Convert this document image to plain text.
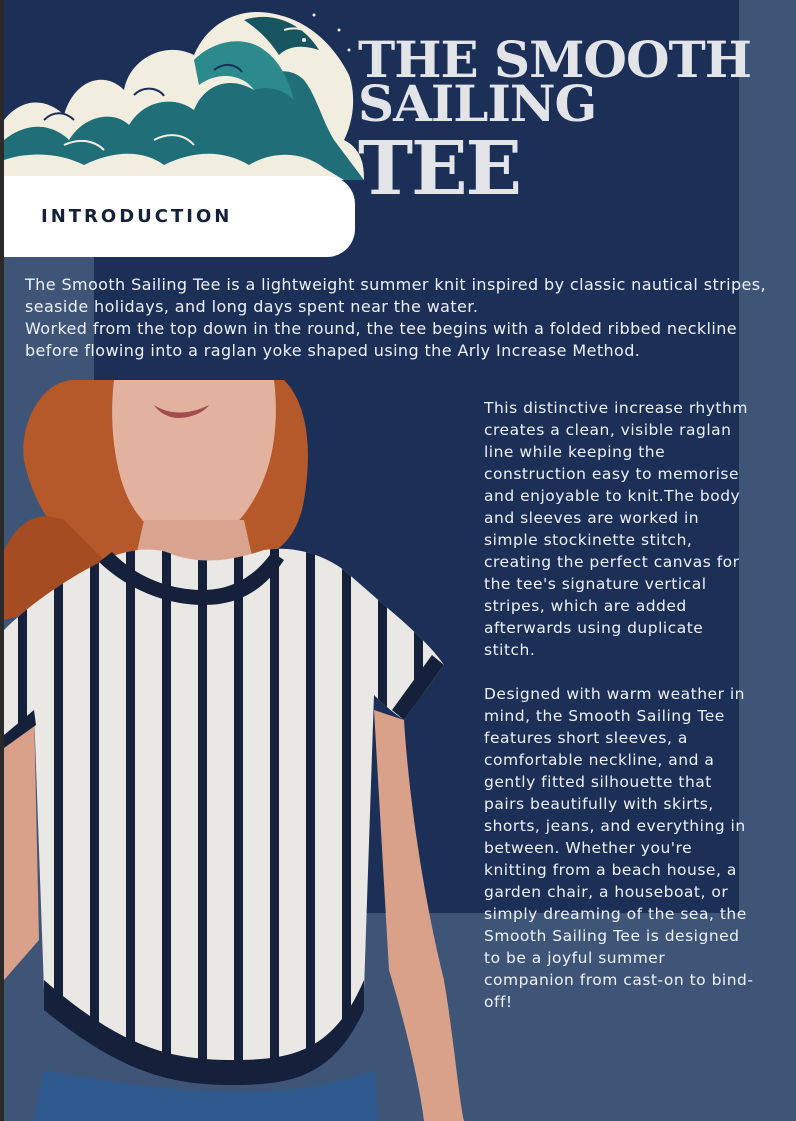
THE SMOOTH
SAILING
TEE
INTRODUCTION

The Smooth Sailing Tee is a lightweight summer knit inspired by classic nautical stripes, seaside holidays, and long days spent near the water.

Worked from the top down in the round, the tee begins with a folded ribbed neckline before flowing into a raglan yoke shaped using the Arly Increase Method.

This distinctive increase rhythm creates a clean, visible raglan line while keeping the construction easy to memorise and enjoyable to knit.The body and sleeves are worked in simple stockinette stitch, creating the perfect canvas for the tee's signature vertical stripes, which are added afterwards using duplicate stitch.

Designed with warm weather in mind, the Smooth Sailing Tee features short sleeves, a comfortable neckline, and a gently fitted silhouette that pairs beautifully with skirts, shorts, jeans, and everything in between. Whether you're knitting from a beach house, a garden chair, a houseboat, or simply dreaming of the sea, the Smooth Sailing Tee is designed to be a joyful summer companion from cast-on to bind-off!
